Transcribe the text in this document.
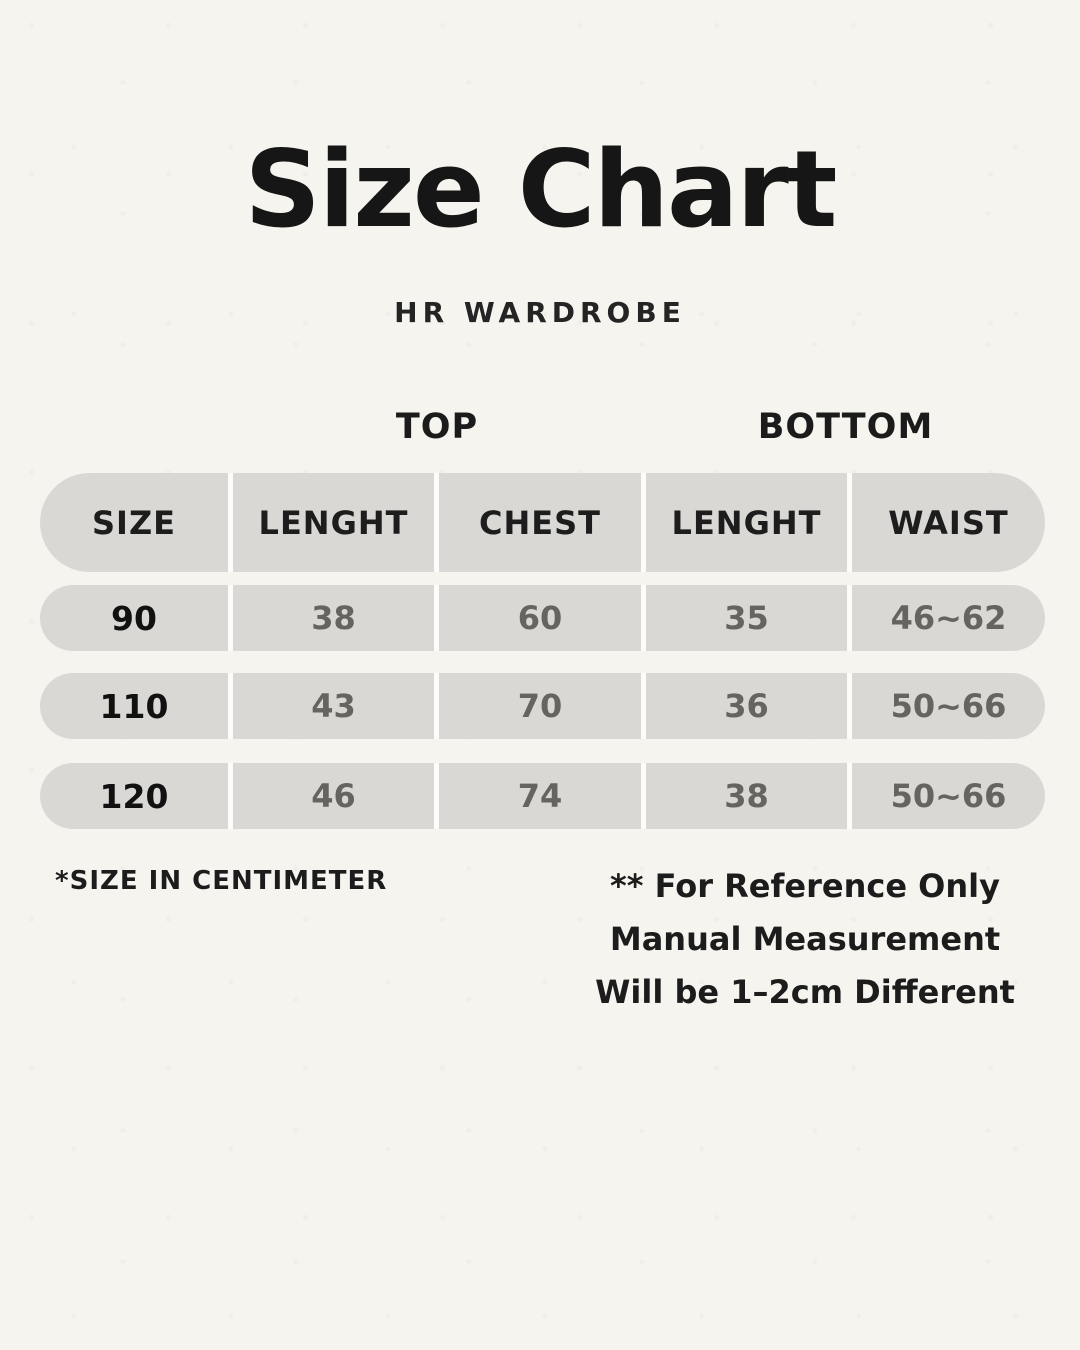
Size Chart
HR WARDROBE
TOP	BOTTOM
SIZE	LENGHT	CHEST	LENGHT	WAIST
90	38	60	35	46~62
110	43	70	36	50~66
120	46	74	38	50~66
*SIZE IN CENTIMETER	** For Reference Only
Manual Measurement
Will be 1–2cm Different
